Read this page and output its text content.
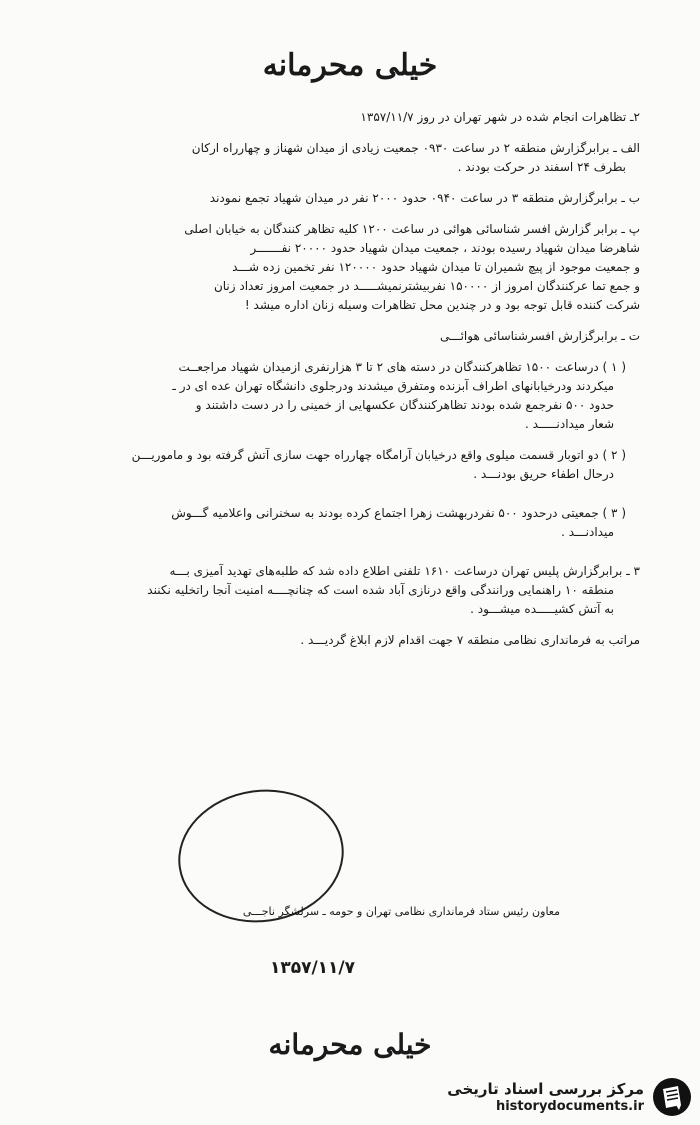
خیلی محرمانه
۲ـ تظاهرات انجام شده در شهر تهران در روز ۱۳۵۷/۱۱/۷
الف ـ برابرگزارش منطقه ۲ در ساعت ۰۹۳۰ جمعیت زیادی از میدان شهناز و چهارراه ارکان
بطرف ۲۴ اسفند در حرکت بودند .
ب ـ برابرگزارش منطقه ۳ در ساعت ۰۹۴۰ حدود ۲۰۰۰ نفر در میدان شهیاد تجمع نمودند
پ ـ برابر گزارش افسر شناسائی هوائی در ساعت ۱۲۰۰ کلیه تظاهر کنندگان به خیابان اصلی
شاهرضا میدان شهیاد رسیده بودند ، جمعیت میدان شهیاد حدود ۲۰۰۰۰ نفـــــــر
و جمعیت موجود از پیچ شمیران تا میدان شهیاد حدود ۱۲۰۰۰۰ نفر تخمین زده شـــد
و جمع تما عرکنندگان امروز از ۱۵۰۰۰۰ نفربیشترنمیشـــــد در جمعیت امروز تعداد زنان
شرکت کننده قابل توجه بود و در چندین محل تظاهرات وسیله زنان اداره میشد !
ت ـ برابرگزارش افسرشناسائی هوائـــی
( ۱ ) درساعت ۱۵۰۰ تظاهرکنندگان در دسته های ۲ تا ۳ هزارنفری ازمیدان شهیاد مراجعــت
میکردند ودرخیابانهای اطراف آبزنده ومتفرق میشدند ودرجلوی دانشگاه تهران عده ای در ـ
حدود ۵۰۰ نفرجمع شده بودند تظاهرکنندگان عکسهایی از خمینی را در دست داشتند و
شعار میدادنـــــد .
( ۲ ) دو اتوبار قسمت میلوی واقع درخیابان آرامگاه چهارراه جهت سازی آتش گرفته بود و ماموریـــن
درحال اطفاء حریق بودنـــد .
( ۳ ) جمعیتی درحدود ۵۰۰ نفردربهشت زهرا اجتماع کرده بودند به سخنرانی واعلامیه گـــوش
میدادنـــد .
۳ ـ برابرگزارش پلیس تهران درساعت ۱۶۱۰ تلفنی اطلاع داده شد که طلبه‌های تهدید آمیزی بـــه
منطقه ۱۰ راهنمایی ورانندگی واقع درنازی آباد شده است که چنانچــــه امنیت آنجا راتخلیه نکنند
به آتش کشیـــــده میشـــود .
مراتب به فرمانداری نظامی منطقه ۷ جهت اقدام لازم ابلاغ گردیـــد .
معاون رئیس ستاد فرمانداری نظامی تهران و حومه ـ سرلشگر‌ ناجـــی
۱۳۵۷/۱۱/۷
خیلی محرمانه
مرکز بررسی اسناد تاریخی
historydocuments.ir
